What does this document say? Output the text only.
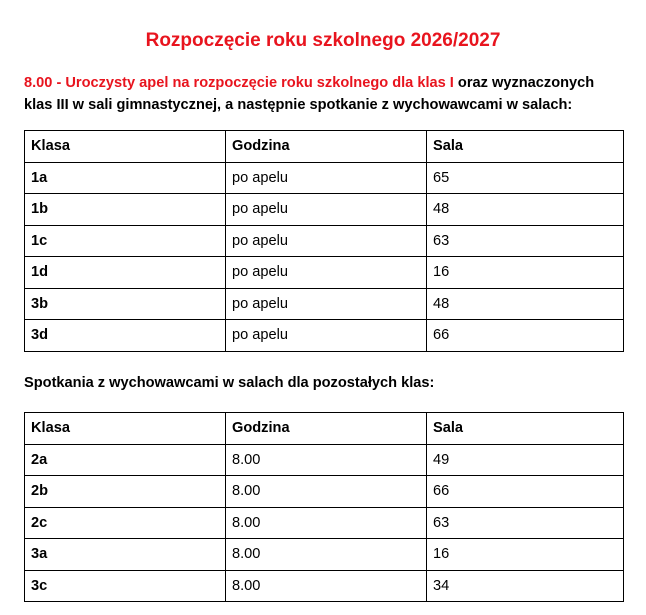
Rozpoczęcie roku szkolnego 2026/2027
8.00 - Uroczysty apel na rozpoczęcie roku szkolnego dla klas I oraz wyznaczonych klas III w sali gimnastycznej, a następnie spotkanie z wychowawcami w salach:
Klasa	Godzina	Sala
1a	po apelu	65
1b	po apelu	48
1c	po apelu	63
1d	po apelu	16
3b	po apelu	48
3d	po apelu	66
Spotkania z wychowawcami w salach dla pozostałych klas:
Klasa	Godzina	Sala
2a	8.00	49
2b	8.00	66
2c	8.00	63
3a	8.00	16
3c	8.00	34
